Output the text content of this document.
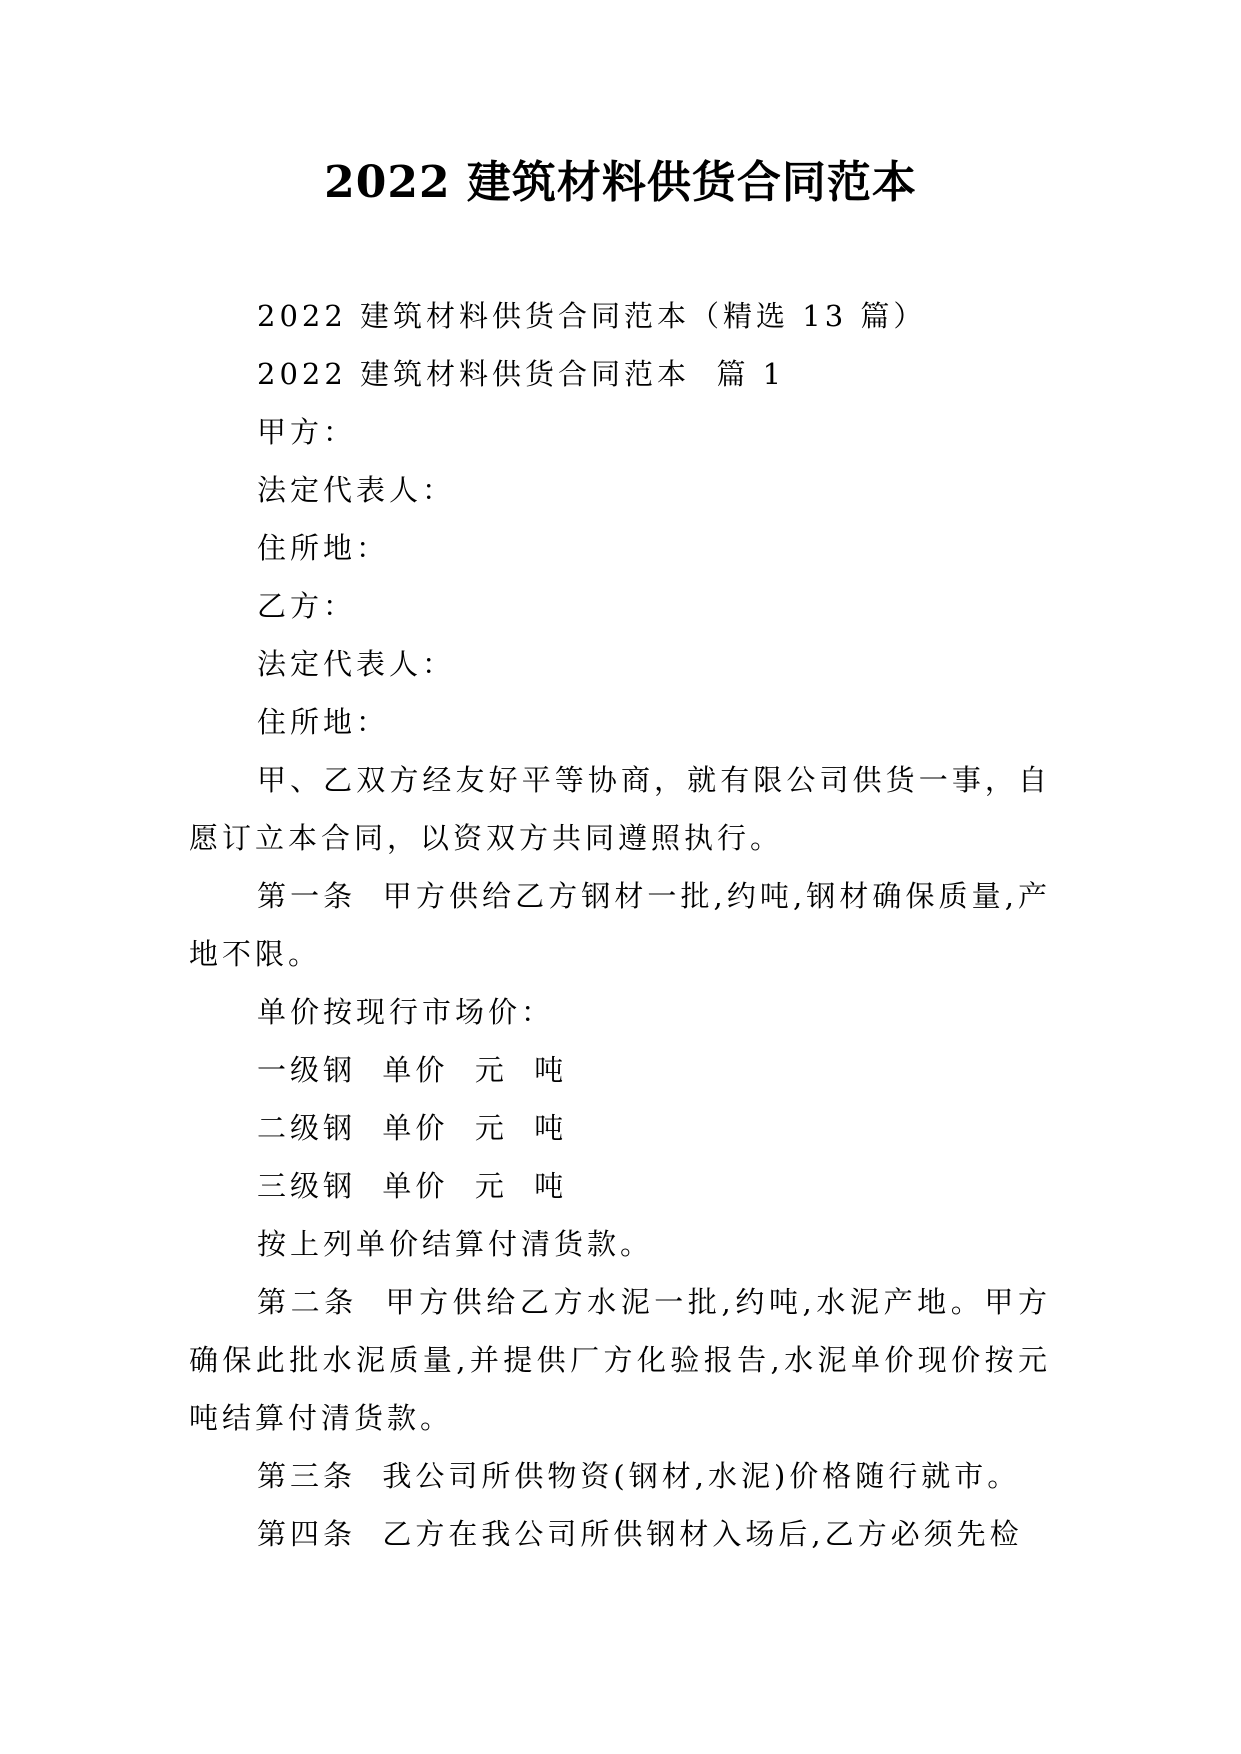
2022 建筑材料供货合同范本

2022 建筑材料供货合同范本（精选 13 篇）

2022 建筑材料供货合同范本  篇 1

甲方：

法定代表人：

住所地：

乙方：

法定代表人：

住所地：

甲、乙双方经友好平等协商，就有限公司供货一事，自愿订立本合同，以资双方共同遵照执行。

第一条  甲方供给乙方钢材一批,约吨,钢材确保质量,产地不限。

单价按现行市场价：

一级钢  单价  元  吨

二级钢  单价  元  吨

三级钢  单价  元  吨

按上列单价结算付清货款。

第二条  甲方供给乙方水泥一批,约吨,水泥产地。甲方确保此批水泥质量,并提供厂方化验报告,水泥单价现价按元  吨结算付清货款。

第三条  我公司所供物资(钢材,水泥)价格随行就市。

第四条  乙方在我公司所供钢材入场后,乙方必须先检
